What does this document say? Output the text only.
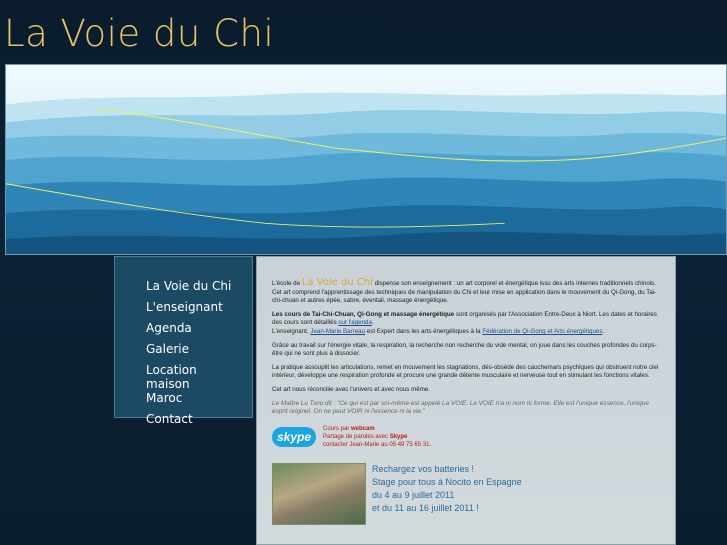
La Voie du Chi
La Voie du Chi
L'enseignant
Agenda
Galerie
Location maison Maroc
Contact

L'école de La Voie du Chi dispense son enseignement : un art corporel et énergétique issu des arts internes traditionnels chinois. Cet art comprend l'apprentissage des techniques de manipulation du Chi et leur mise en application dans le mouvement du Qi-Gong, du Tai-chi-chuan et autres épée, sabre, éventail, massage énergétique.

Les cours de Tai-Chi-Chuan, Qi-Gong et massage énergétique sont organisés par l'Association Entre-Deux à Niort. Les dates et horaires des cours sont détaillés sur l'agenda.
L'enseignant, Jean-Marie Barreau est Expert dans les arts énergétiques à la Fédération de Qi-Gong et Arts énergétiques.

Grâce au travail sur l'énergie vitale, la respiration, la recherche non recherche du vide mental, on joue dans les couches profondes du corps-être qui ne sont plus à dissocier.

La pratique assouplit les articulations, remet en mouvement les stagnations, dés-obsède des cauchemars psychiques qui obstruent notre ciel intérieur, développe une respiration profonde et procure une grande détente musculaire et nerveuse tout en stimulant les fonctions vitales.

Cet art nous réconcilie avec l'univers et avec nous même.

Le Maître Lu Tsou dit : "Ce qui est par soi-même est appelé La VOIE. La VOIE n'a ni nom ni forme. Elle est l'unique essence, l'unique esprit originel. On ne peut VOIR ni l'essence ni la vie."

skype
Cours par webcam
Partage de paroles avec Skype
contacter Jean-Marie au 05 49 75 65 31.
Rechargez vos batteries !
Stage pour tous à Nocito en Espagne
du 4 au 9 juillet 2011
et du 11 au 16 juillet 2011 !
